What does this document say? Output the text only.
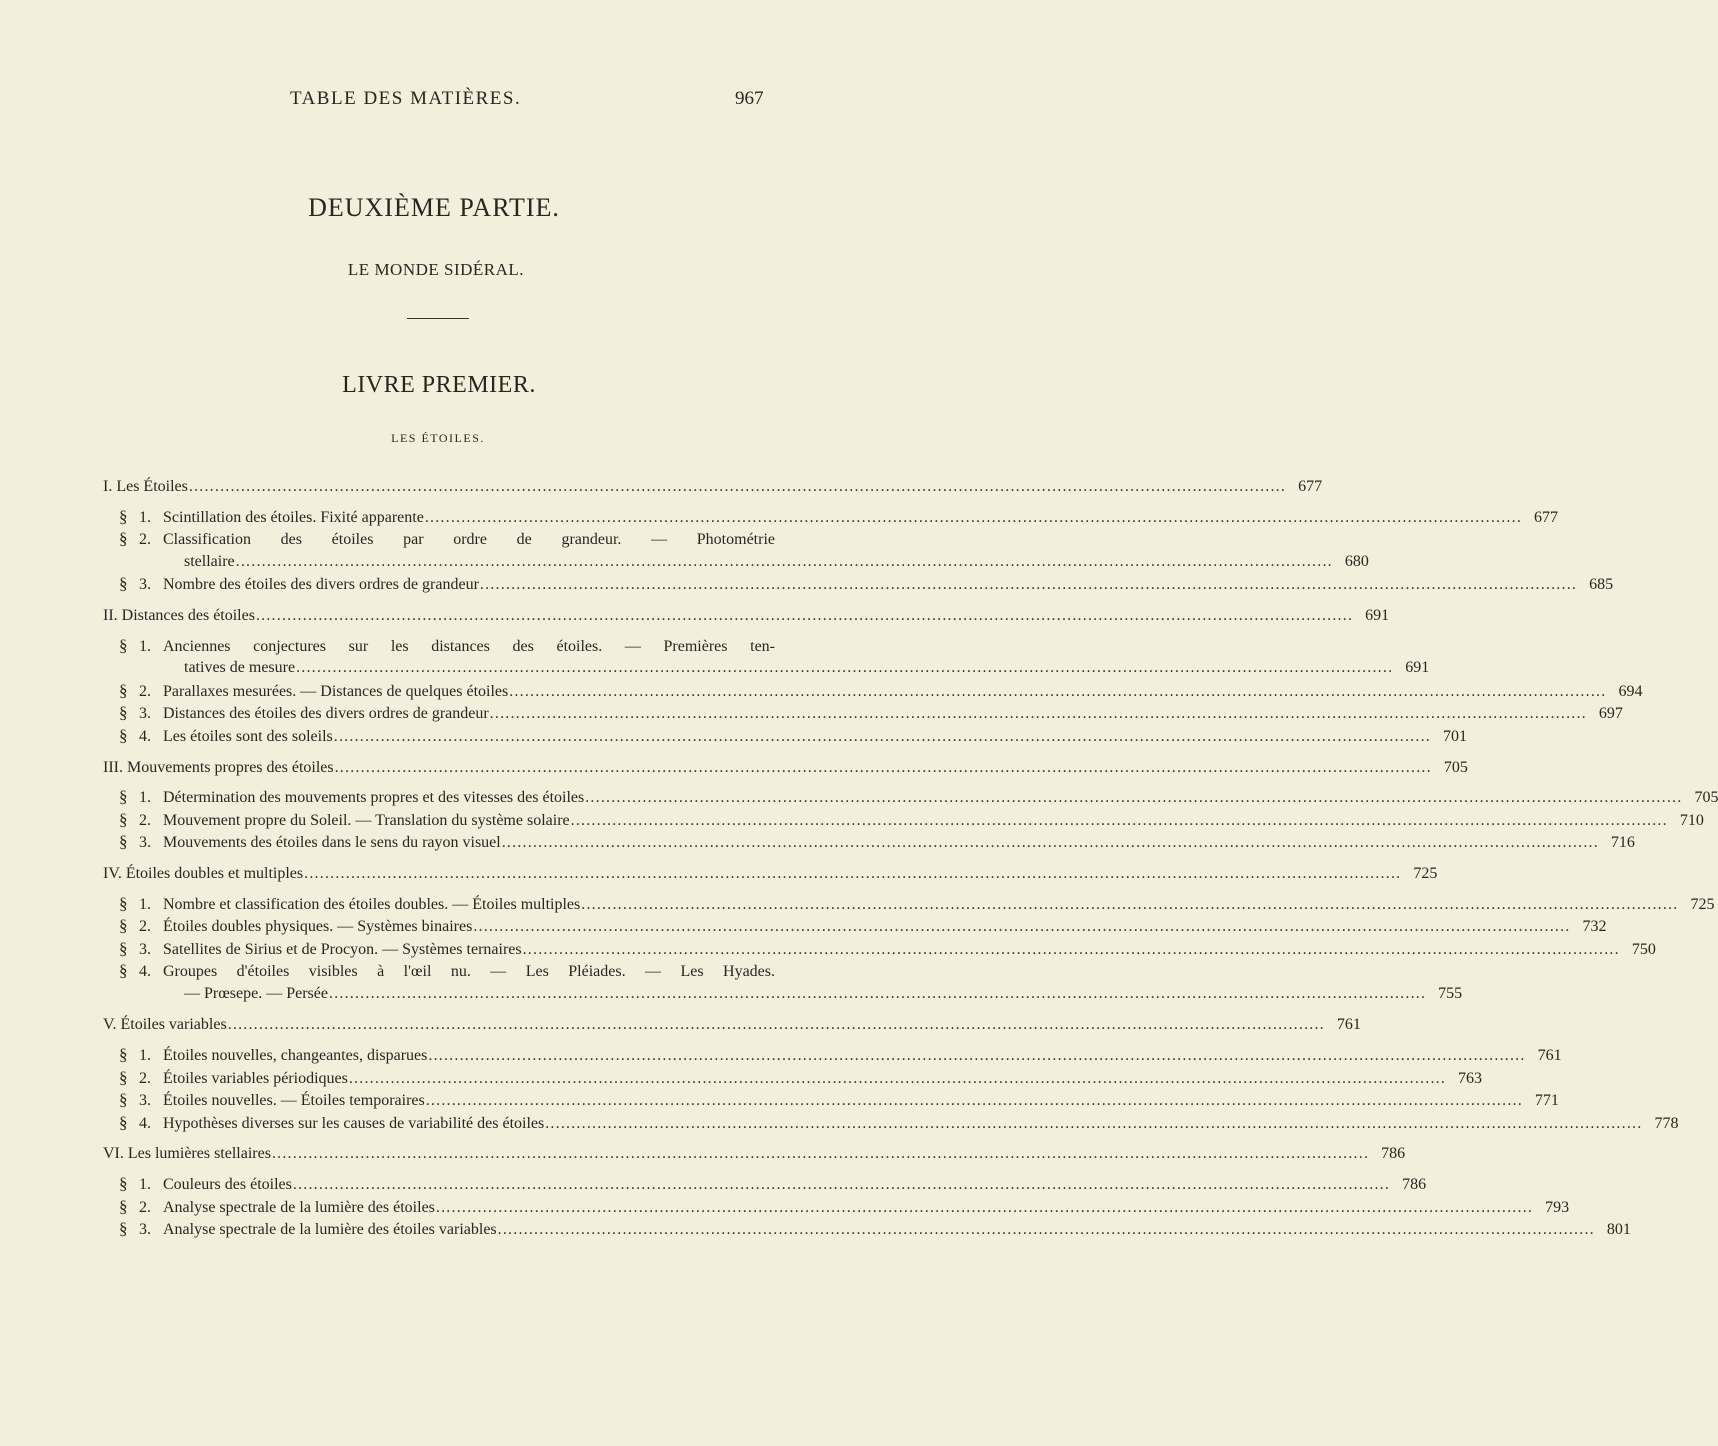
TABLE DES MATIÈRES.	967
DEUXIÈME PARTIE.
LE MONDE SIDÉRAL.
LIVRE PREMIER.
LES ÉTOILES.
I. Les Étoiles .....	677
§ 1. Scintillation des étoiles. Fixité apparente .....	677
§ 2. Classification des étoiles par ordre de grandeur. — Photométrie
stellaire .....	680
§ 3. Nombre des étoiles des divers ordres de grandeur .....	685
II. Distances des étoiles .....	691
§ 1. Anciennes conjectures sur les distances des étoiles. — Premières ten-
tatives de mesure .....	691
§ 2. Parallaxes mesurées. — Distances de quelques étoiles .....	694
§ 3. Distances des étoiles des divers ordres de grandeur .....	697
§ 4. Les étoiles sont des soleils .....	701
III. Mouvements propres des étoiles .....	705
§ 1. Détermination des mouvements propres et des vitesses des étoiles .....	705
§ 2. Mouvement propre du Soleil. — Translation du système solaire .....	710
§ 3. Mouvements des étoiles dans le sens du rayon visuel .....	716
IV. Étoiles doubles et multiples .....	725
§ 1. Nombre et classification des étoiles doubles. — Étoiles multiples .....	725
§ 2. Étoiles doubles physiques. — Systèmes binaires .....	732
§ 3. Satellites de Sirius et de Procyon. — Systèmes ternaires .....	750
§ 4. Groupes d'étoiles visibles à l'œil nu. — Les Pléiades. — Les Hyades.
— Prœsepe. — Persée .....	755
V. Étoiles variables .....	761
§ 1. Étoiles nouvelles, changeantes, disparues .....	761
§ 2. Étoiles variables périodiques .....	763
§ 3. Étoiles nouvelles. — Étoiles temporaires .....	771
§ 4. Hypothèses diverses sur les causes de variabilité des étoiles .....	778
VI. Les lumières stellaires .....	786
§ 1. Couleurs des étoiles .....	786
§ 2. Analyse spectrale de la lumière des étoiles .....	793
§ 3. Analyse spectrale de la lumière des étoiles variables .....	801
